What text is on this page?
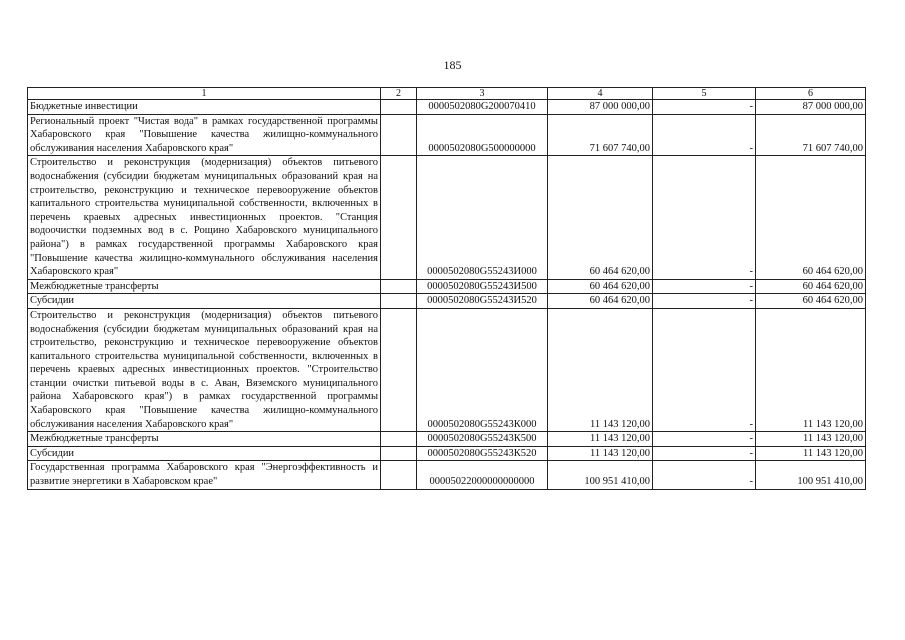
185
1	2	3	4	5	6
Бюджетные инвестиции		0000502080G200070410	87 000 000,00	-	87 000 000,00
Региональный проект "Чистая вода" в рамках государственной программы Хабаровского края "Повышение качества жилищно-коммунального обслуживания населения Хабаровского края"		0000502080G500000000	71 607 740,00	-	71 607 740,00
Строительство и реконструкция (модернизация) объектов питьевого водоснабжения (субсидии бюджетам муниципальных образований края на строительство, реконструкцию и техническое перевооружение объектов капитального строительства муниципальной собственности, включенных в перечень краевых адресных инвестиционных проектов. "Станция водоочистки подземных вод в с. Рощино Хабаровского муниципального района") в рамках государственной программы Хабаровского края "Повышение качества жилищно-коммунального обслуживания населения Хабаровского края"		0000502080G55243И000	60 464 620,00	-	60 464 620,00
Межбюджетные трансферты		0000502080G55243И500	60 464 620,00	-	60 464 620,00
Субсидии		0000502080G55243И520	60 464 620,00	-	60 464 620,00
Строительство и реконструкция (модернизация) объектов питьевого водоснабжения (субсидии бюджетам муниципальных образований края на строительство, реконструкцию и техническое перевооружение объектов капитального строительства муниципальной собственности, включенных в перечень краевых адресных инвестиционных проектов. "Строительство станции очистки питьевой воды в с. Аван, Вяземского муниципального района Хабаровского края") в рамках государственной программы Хабаровского края "Повышение качества жилищно-коммунального обслуживания населения Хабаровского края"		0000502080G55243К000	11 143 120,00	-	11 143 120,00
Межбюджетные трансферты		0000502080G55243К500	11 143 120,00	-	11 143 120,00
Субсидии		0000502080G55243К520	11 143 120,00	-	11 143 120,00
Государственная программа Хабаровского края "Энергоэффективность и развитие энергетики в Хабаровском крае"		00005022000000000000	100 951 410,00	-	100 951 410,00
